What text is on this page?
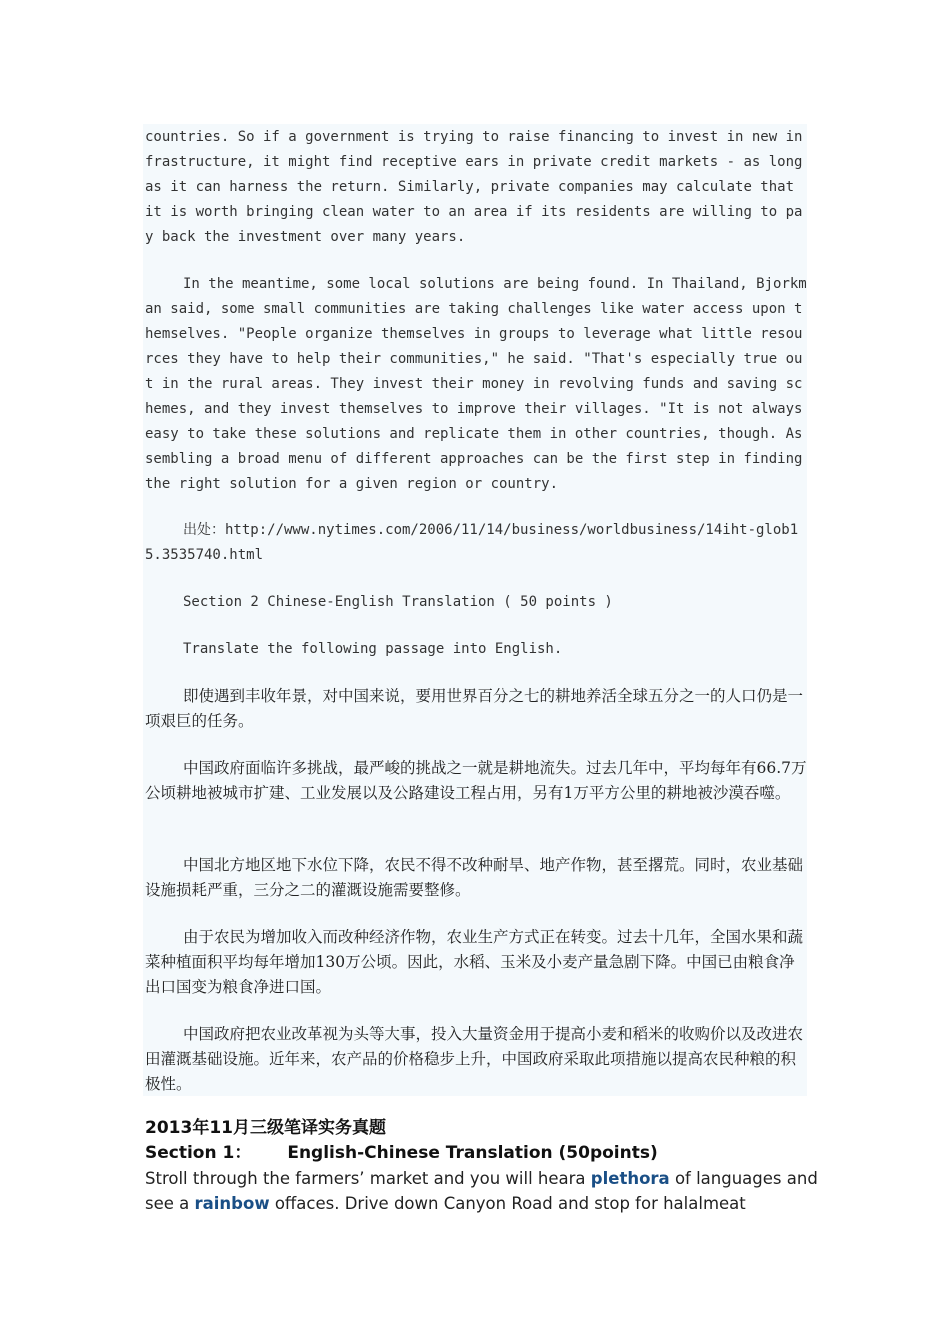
countries. So if a government is trying to raise financing to invest in new infrastructure, it might find receptive ears in private credit markets - as long as it can harness the return. Similarly, private companies may calculate that it is worth bringing clean water to an area if its residents are willing to pay back the investment over many years.

In the meantime, some local solutions are being found. In Thailand, Bjorkman said, some small communities are taking challenges like water access upon themselves. "People organize themselves in groups to leverage what little resources they have to help their communities," he said. "That's especially true out in the rural areas. They invest their money in revolving funds and saving schemes, and they invest themselves to improve their villages. "It is not always easy to take these solutions and replicate them in other countries, though. Assembling a broad menu of different approaches can be the first step in finding the right solution for a given region or country.

出处：http://www.nytimes.com/2006/11/14/business/worldbusiness/14iht-glob15.3535740.html

Section 2 Chinese-English Translation ( 50 points )

Translate the following passage into English.

即使遇到丰收年景，对中国来说，要用世界百分之七的耕地养活全球五分之一的人口仍是一项艰巨的任务。

中国政府面临许多挑战，最严峻的挑战之一就是耕地流失。过去几年中，平均每年有66.7万公顷耕地被城市扩建、工业发展以及公路建设工程占用，另有1万平方公里的耕地被沙漠吞噬。

中国北方地区地下水位下降，农民不得不改种耐旱、地产作物，甚至撂荒。同时，农业基础设施损耗严重，三分之二的灌溉设施需要整修。

由于农民为增加收入而改种经济作物，农业生产方式正在转变。过去十几年，全国水果和蔬菜种植面积平均每年增加130万公顷。因此，水稻、玉米及小麦产量急剧下降。中国已由粮食净出口国变为粮食净进口国。

中国政府把农业改革视为头等大事，投入大量资金用于提高小麦和稻米的收购价以及改进农田灌溉基础设施。近年来，农产品的价格稳步上升，中国政府采取此项措施以提高农民种粮的积极性。

2013年11月三级笔译实务真题

Section 1： English-Chinese Translation (50points)

Stroll through the farmers’ market and you will heara plethora of languages and see a rainbow offaces. Drive down Canyon Road and stop for halalmeat
